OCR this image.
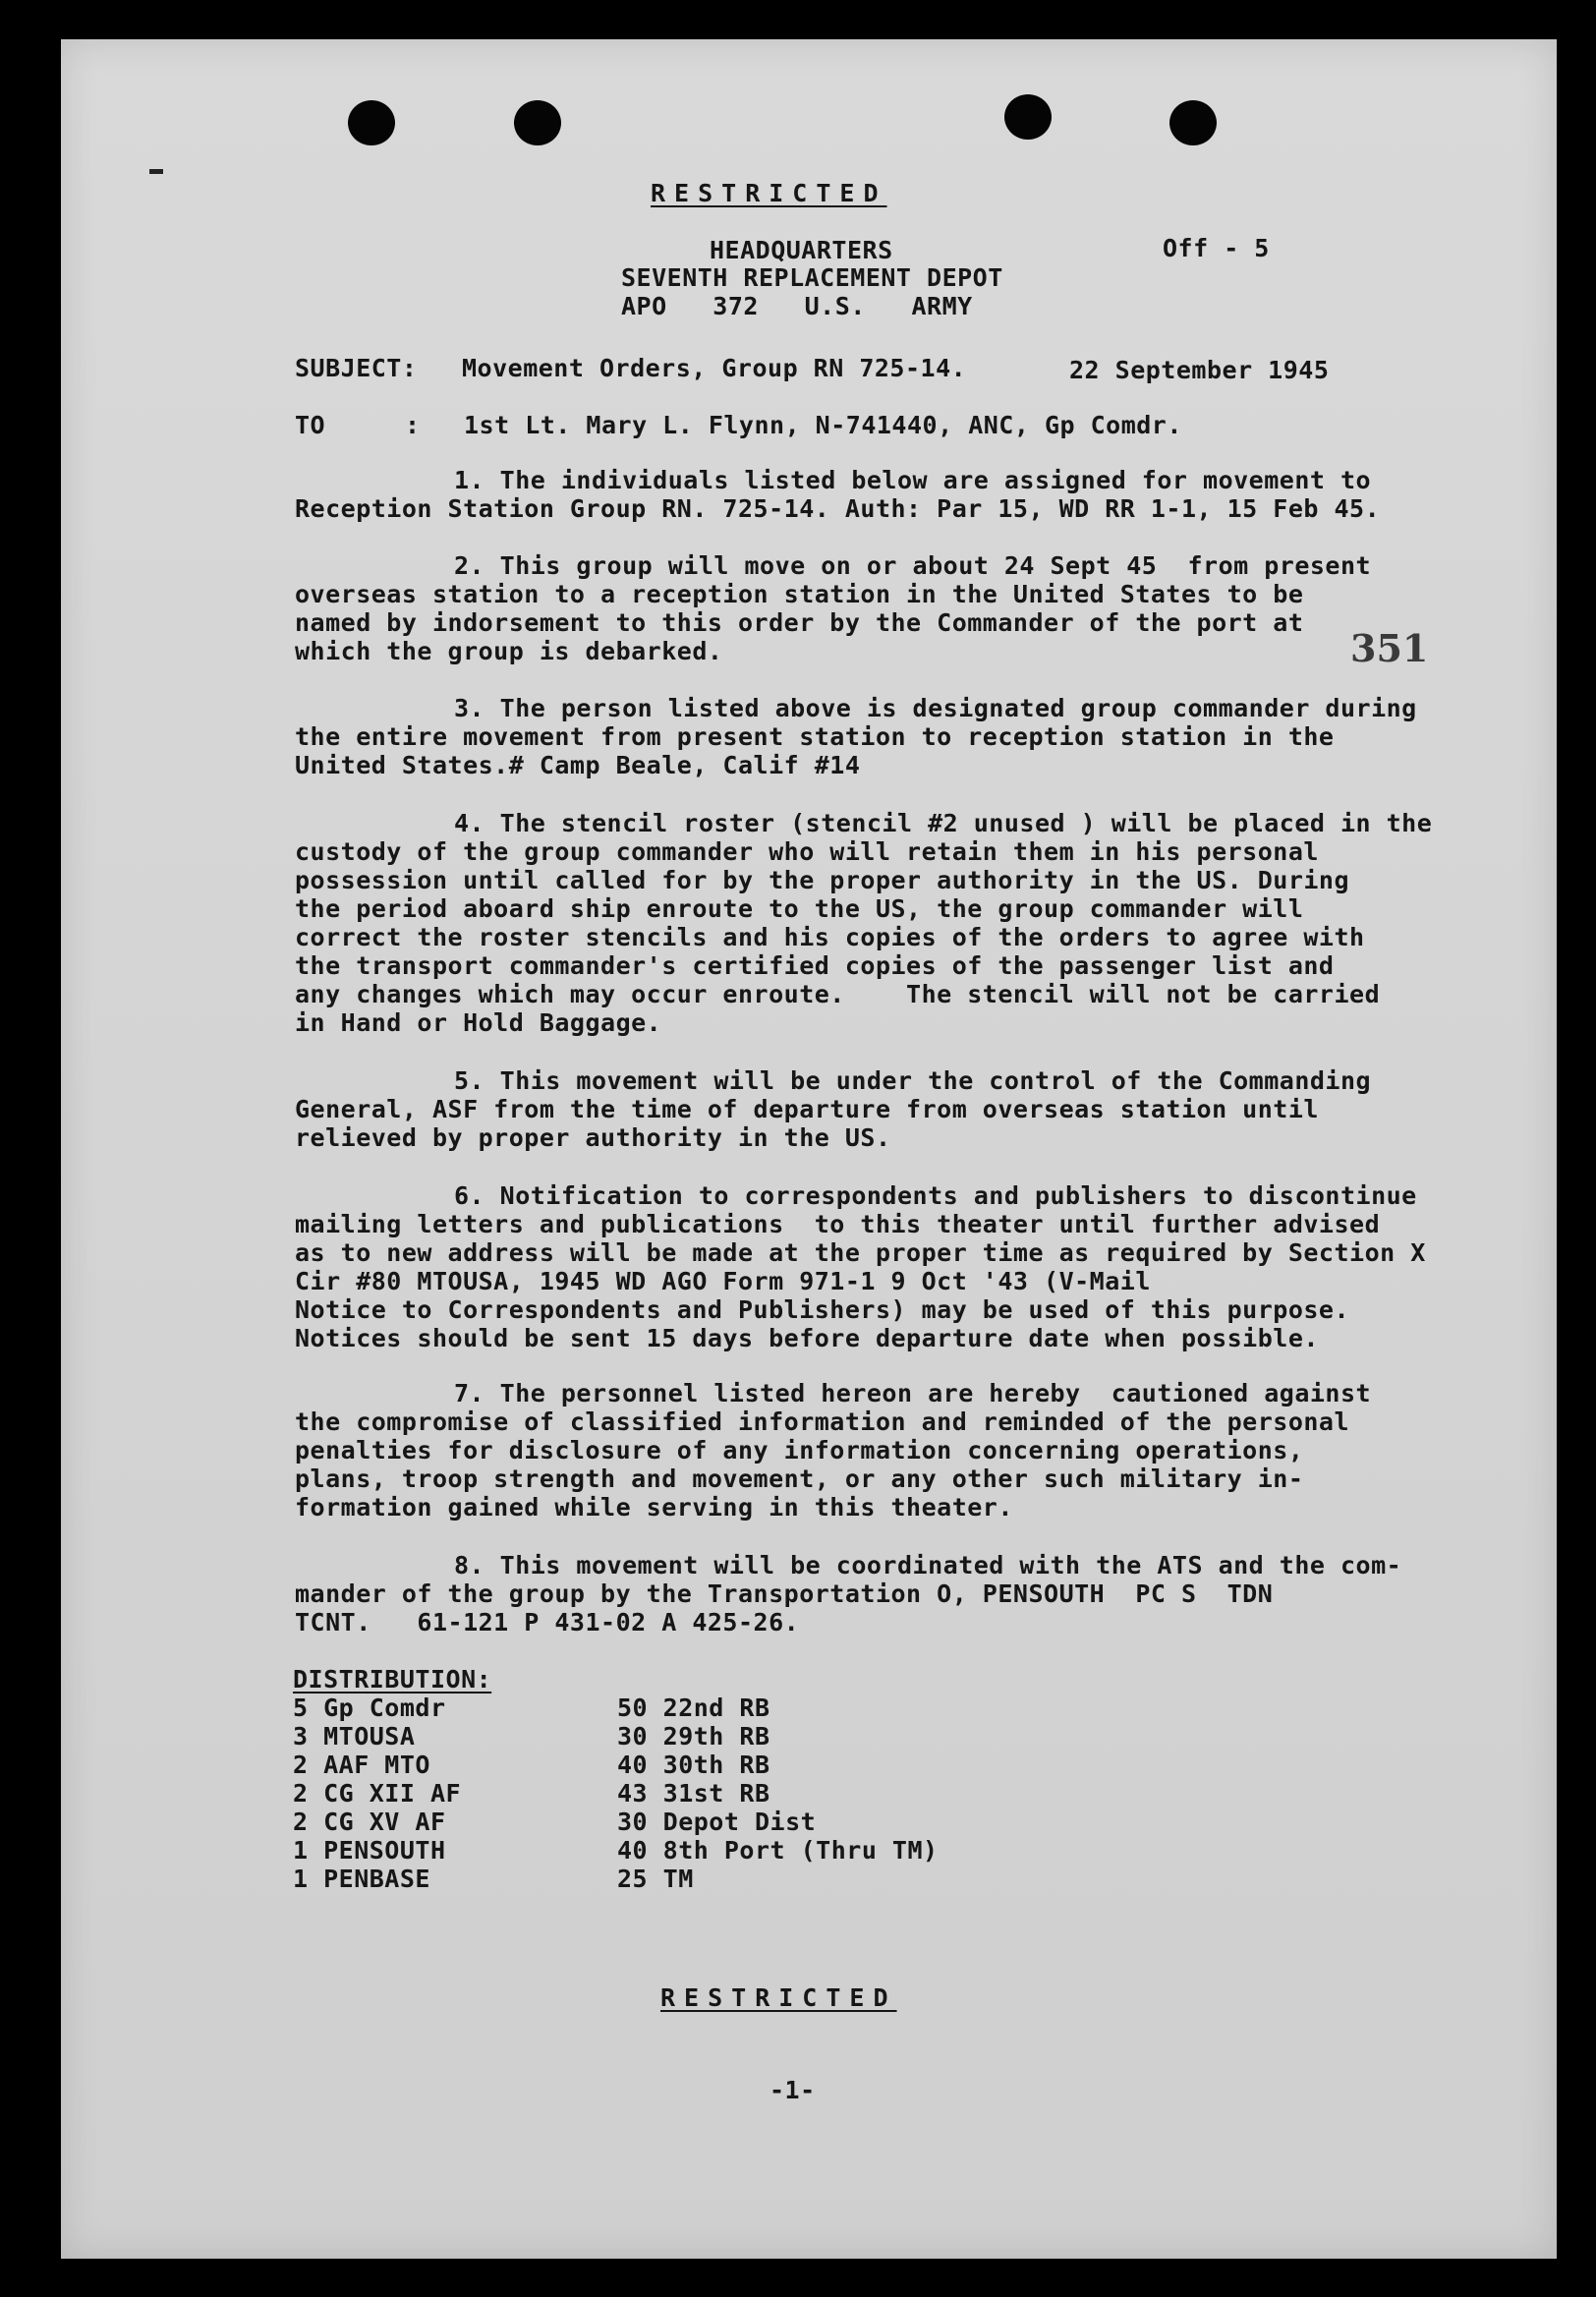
RESTRICTED
HEADQUARTERS
SEVENTH REPLACEMENT DEPOT
APO   372   U.S.   ARMY
Off - 5
SUBJECT: Movement Orders, Group RN 725-14.	22 September 1945
TO	: 1st Lt. Mary L. Flynn, N-741440, ANC, Gp Comdr.
351
1. The individuals listed below are assigned for movement to
Reception Station Group RN. 725-14. Auth: Par 15, WD RR 1-1, 15 Feb 45.
2. This group will move on or about 24 Sept 45  from present
overseas station to a reception station in the United States to be
named by indorsement to this order by the Commander of the port at
which the group is debarked.
3. The person listed above is designated group commander during
the entire movement from present station to reception station in the
United States.# Camp Beale, Calif #14
4. The stencil roster (stencil #2 unused ) will be placed in the
custody of the group commander who will retain them in his personal
possession until called for by the proper authority in the US. During
the period aboard ship enroute to the US, the group commander will
correct the roster stencils and his copies of the orders to agree with
the transport commander's certified copies of the passenger list and
any changes which may occur enroute.    The stencil will not be carried
in Hand or Hold Baggage.
5. This movement will be under the control of the Commanding
General, ASF from the time of departure from overseas station until
relieved by proper authority in the US.
6. Notification to correspondents and publishers to discontinue
mailing letters and publications  to this theater until further advised
as to new address will be made at the proper time as required by Section X
Cir #80 MTOUSA, 1945 WD AGO Form 971-1 9 Oct '43 (V-Mail
Notice to Correspondents and Publishers) may be used of this purpose.
Notices should be sent 15 days before departure date when possible.
7. The personnel listed hereon are hereby  cautioned against
the compromise of classified information and reminded of the personal
penalties for disclosure of any information concerning operations,
plans, troop strength and movement, or any other such military in-
formation gained while serving in this theater.
8. This movement will be coordinated with the ATS and the com-
mander of the group by the Transportation O, PENSOUTH  PC S  TDN
TCNT.   61-121 P 431-02 A 425-26.
DISTRIBUTION:
5 Gp Comdr
3 MTOUSA
2 AAF MTO
2 CG XII AF
2 CG XV AF
1 PENSOUTH
1 PENBASE
50 22nd RB
30 29th RB
40 30th RB
43 31st RB
30 Depot Dist
40 8th Port (Thru TM)
25 TM
RESTRICTED
-1-
